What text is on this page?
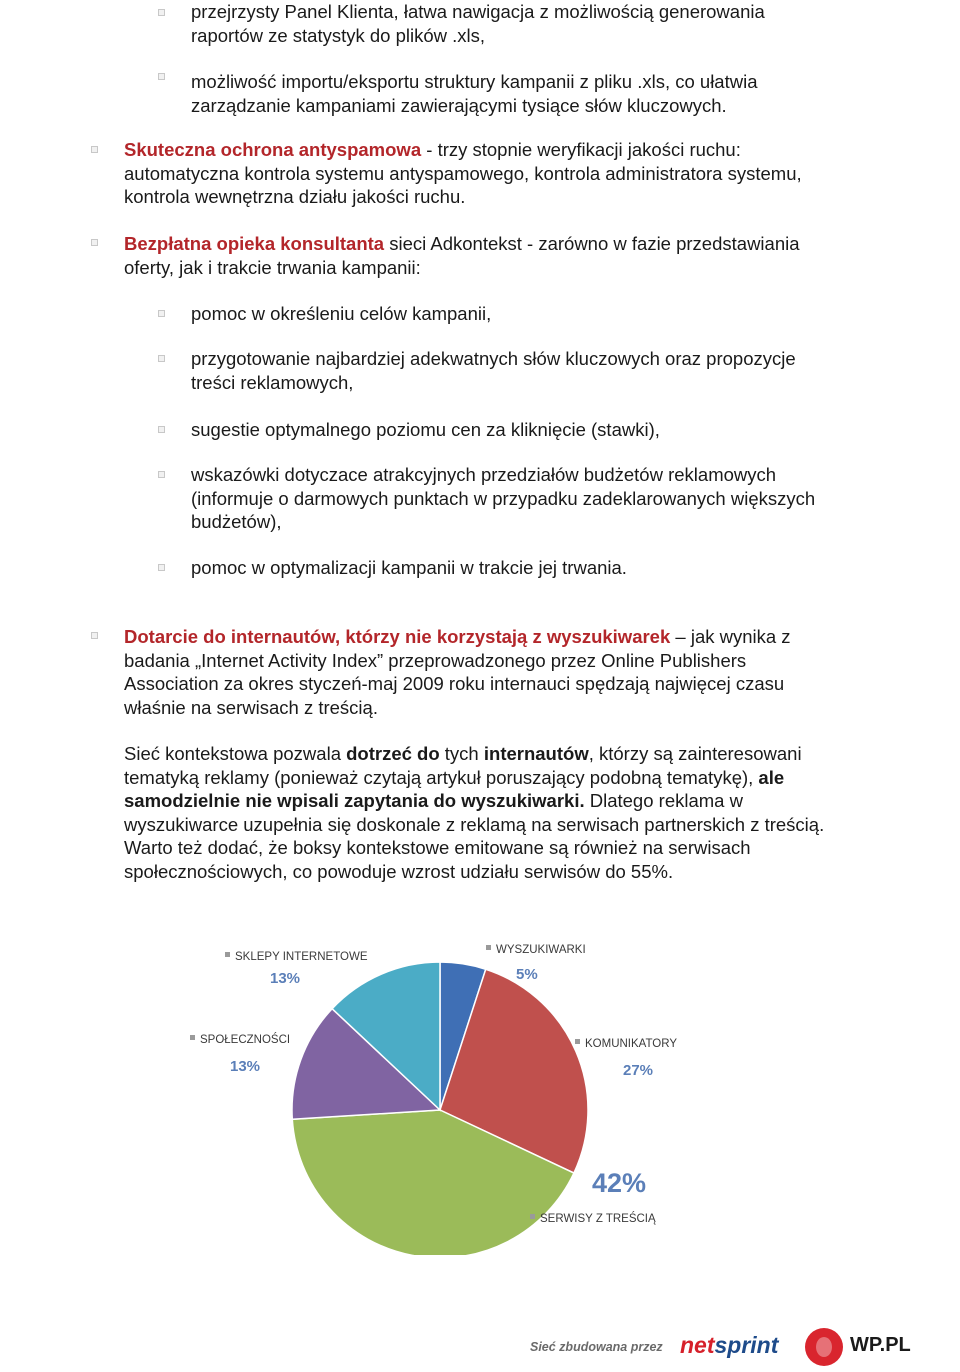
przejrzysty Panel Klienta, łatwa nawigacja z możliwością generowania
raportów ze statystyk do plików .xls,
możliwość importu/eksportu struktury kampanii z pliku .xls, co ułatwia
zarządzanie kampaniami zawierającymi tysiące słów kluczowych.
Skuteczna ochrona antyspamowa - trzy stopnie weryfikacji jakości ruchu:
automatyczna kontrola systemu antyspamowego, kontrola administratora systemu,
kontrola wewnętrzna działu jakości ruchu.
Bezpłatna opieka konsultanta sieci Adkontekst - zarówno w fazie przedstawiania
oferty, jak i trakcie trwania kampanii:
pomoc w określeniu celów kampanii,
przygotowanie najbardziej adekwatnych słów kluczowych oraz propozycje
treści reklamowych,
sugestie optymalnego poziomu cen za kliknięcie (stawki),
wskazówki dotyczace atrakcyjnych przedziałów budżetów reklamowych
(informuje o darmowych punktach w przypadku zadeklarowanych większych
budżetów),
pomoc w optymalizacji kampanii w trakcie jej trwania.
Dotarcie do internautów, którzy nie korzystają z wyszukiwarek – jak wynika z
badania „Internet Activity Index” przeprowadzonego przez Online Publishers
Association za okres styczeń-maj 2009 roku internauci spędzają najwięcej czasu
właśnie na serwisach z treścią.
Sieć kontekstowa pozwala dotrzeć do tych internautów, którzy są zainteresowani
tematyką reklamy (ponieważ czytają artykuł poruszający podobną tematykę), ale
samodzielnie nie wpisali zapytania do wyszukiwarki. Dlatego reklama w
wyszukiwarce uzupełnia się doskonale z reklamą na serwisach partnerskich z treścią.
Warto też dodać, że boksy kontekstowe emitowane są również na serwisach
społecznościowych, co powoduje wzrost udziału serwisów do 55%.
WYSZUKIWARKI
5%
KOMUNIKATORY
27%
SERWISY Z TREŚCIĄ
42%
SPOŁECZNOŚCI
13%
SKLEPY INTERNETOWE
13%
Sieć zbudowana przez netsprint	WP.PL
